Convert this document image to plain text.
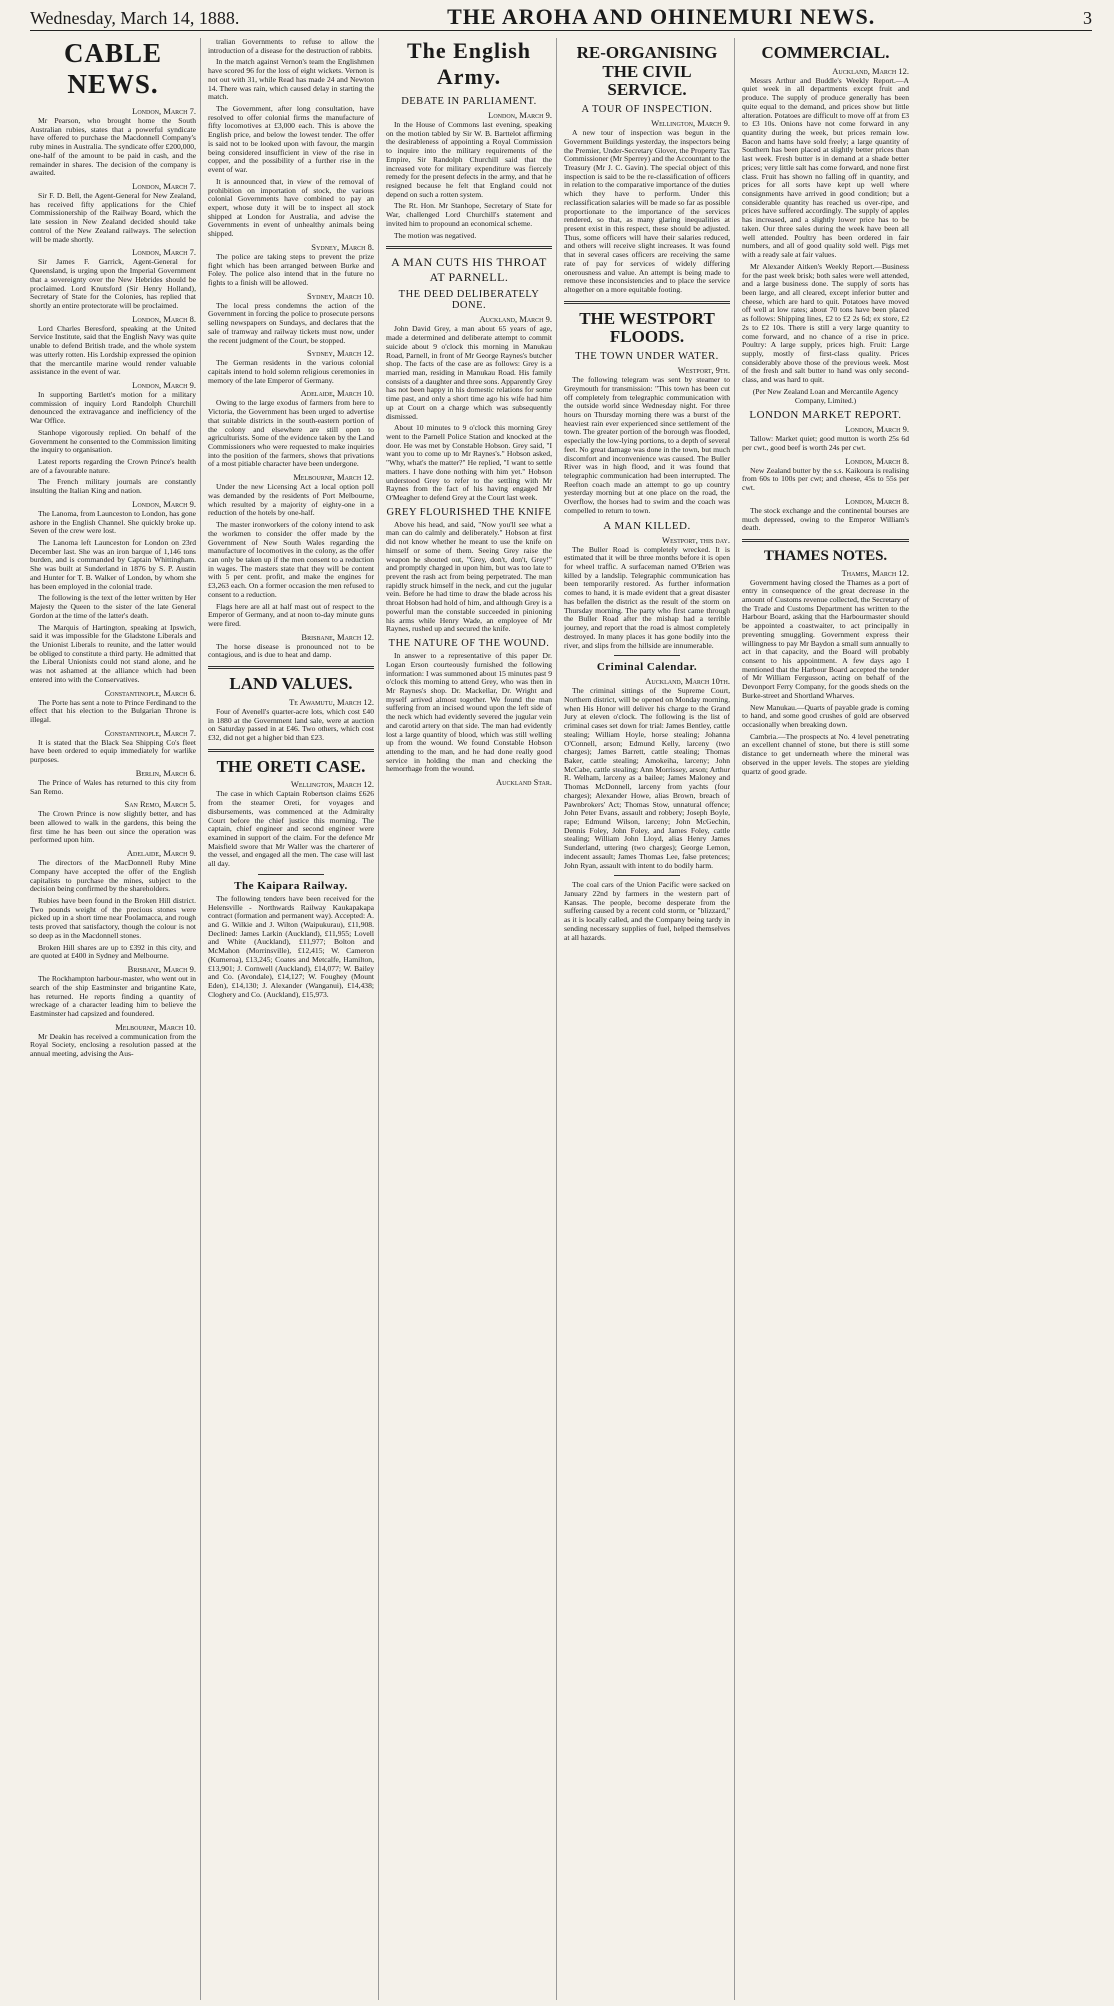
Wednesday, March 14, 1888.	THE AROHA AND OHINEMURI NEWS.	3
CABLE NEWS.
London, March 7.

Mr Pearson, who brought home the South Australian rubies, states that a powerful syndicate have offered to purchase the Macdonnell Company's ruby mines in Australia. The syndicate offer £200,000, one-half of the amount to be paid in cash, and the remainder in shares. The decision of the company is awaited.

London, March 7.

Sir F. D. Bell, the Agent-General for New Zealand, has received fifty applications for the Chief Commissionership of the Railway Board, which the late session in New Zealand decided should take control of the New Zealand railways. The selection will be made shortly.

London, March 7.

Sir James F. Garrick, Agent-General for Queensland, is urging upon the Imperial Government that a sovereignty over the New Hebrides should be proclaimed. Lord Knutsford (Sir Henry Holland), Secretary of State for the Colonies, has replied that shortly an entire protectorate will be proclaimed.

London, March 8.

Lord Charles Beresford, speaking at the United Service Institute, said that the English Navy was quite unable to defend British trade, and the whole system was utterly rotten. His Lordship expressed the opinion that the mercantile marine would render valuable assistance in the event of war.

London, March 9.

In supporting Bartlett's motion for a military commission of inquiry Lord Randolph Churchill denounced the extravagance and inefficiency of the War Office.

Stanhope vigorously replied. On behalf of the Government he consented to the Commission limiting the inquiry to organisation.

Latest reports regarding the Crown Prince's health are of a favourable nature.

The French military journals are constantly insulting the Italian King and nation.

London, March 9.

The Lanoma, from Launceston to London, has gone ashore in the English Channel. She quickly broke up. Seven of the crew were lost.

The Lanoma left Launceston for London on 23rd December last. She was an iron barque of 1,146 tons burden, and is commanded by Captain Whittingham. She was built at Sunderland in 1876 by S. P. Austin and Hunter for T. B. Walker of London, by whom she has been employed in the colonial trade.

The following is the text of the letter written by Her Majesty the Queen to the sister of the late General Gordon at the time of the latter's death.

The Marquis of Hartington, speaking at Ipswich, said it was impossible for the Gladstone Liberals and the Unionist Liberals to reunite, and the latter would be obliged to constitute a third party. He admitted that the Liberal Unionists could not stand alone, and he was not ashamed at the alliance which had been entered into with the Conservatives.

Constantinople, March 6.

The Porte has sent a note to Prince Ferdinand to the effect that his election to the Bulgarian Throne is illegal.

Constantinople, March 7.

It is stated that the Black Sea Shipping Co's fleet have been ordered to equip immediately for warlike purposes.

Berlin, March 6.

The Prince of Wales has returned to this city from San Remo.

San Remo, March 5.

The Crown Prince is now slightly better, and has been allowed to walk in the gardens, this being the first time he has been out since the operation was performed upon him.

Adelaide, March 9.

The directors of the MacDonnell Ruby Mine Company have accepted the offer of the English capitalists to purchase the mines, subject to the decision being confirmed by the shareholders.

Rubies have been found in the Broken Hill district. Two pounds weight of the precious stones were picked up in a short time near Poolamacca, and rough tests proved that satisfactory, though the colour is not so deep as in the Macdonnell stones.

Broken Hill shares are up to £392 in this city, and are quoted at £400 in Sydney and Melbourne.

Brisbane, March 9.

The Rockhampton harbour-master, who went out in search of the ship Eastminster and brigantine Kate, has returned. He reports finding a quantity of wreckage of a character leading him to believe the Eastminster had capsized and foundered.

Melbourne, March 10.

Mr Deakin has received a communication from the Royal Society, enclosing a resolution passed at the annual meeting, advising the Aus-

tralian Governments to refuse to allow the introduction of a disease for the destruction of rabbits.

In the match against Vernon's team the Englishmen have scored 96 for the loss of eight wickets. Vernon is not out with 31, while Read has made 24 and Newton 14. There was rain, which caused delay in starting the match.

The Government, after long consultation, have resolved to offer colonial firms the manufacture of fifty locomotives at £3,000 each. This is above the English price, and below the lowest tender. The offer is said not to be looked upon with favour, the margin being considered insufficient in view of the rise in copper, and the possibility of a further rise in the event of war.

It is announced that, in view of the removal of prohibition on importation of stock, the various colonial Governments have combined to pay an expert, whose duty it will be to inspect all stock shipped at London for Australia, and advise the Governments in event of unhealthy animals being shipped.

Sydney, March 8.

The police are taking steps to prevent the prize fight which has been arranged between Burke and Foley. The police also intend that in the future no fights to a finish will be allowed.

Sydney, March 10.

The local press condemns the action of the Government in forcing the police to prosecute persons selling newspapers on Sundays, and declares that the sale of tramway and railway tickets must now, under the recent judgment of the Court, be stopped.

Sydney, March 12.

The German residents in the various colonial capitals intend to hold solemn religious ceremonies in memory of the late Emperor of Germany.

Adelaide, March 10.

Owing to the large exodus of farmers from here to Victoria, the Government has been urged to advertise that suitable districts in the south-eastern portion of the colony and elsewhere are still open to agriculturists. Some of the evidence taken by the Land Commissioners who were requested to make inquiries into the position of the farmers, shows that privations of a most pitiable character have been undergone.

Melbourne, March 12.

Under the new Licensing Act a local option poll was demanded by the residents of Port Melbourne, which resulted by a majority of eighty-one in a reduction of the hotels by one-half.

The master ironworkers of the colony intend to ask the workmen to consider the offer made by the Government of New South Wales regarding the manufacture of locomotives in the colony, as the offer can only be taken up if the men consent to a reduction in wages. The masters state that they will be content with 5 per cent. profit, and make the engines for £3,263 each. On a former occasion the men refused to consent to a reduction.

Flags here are all at half mast out of respect to the Emperor of Germany, and at noon to-day minute guns were fired.

Brisbane, March 12.

The horse disease is pronounced not to be contagious, and is due to heat and damp.

LAND VALUES.
Te Awamutu, March 12.

Four of Avenell's quarter-acre lots, which cost £40 in 1880 at the Government land sale, were at auction on Saturday passed in at £46. Two others, which cost £32, did not get a higher bid than £23.

THE ORETI CASE.
Wellington, March 12.

The case in which Captain Robertson claims £626 from the steamer Oreti, for voyages and disbursements, was commenced at the Admiralty Court before the chief justice this morning. The captain, chief engineer and second engineer were examined in support of the claim. For the defence Mr Maisfield swore that Mr Waller was the charterer of the vessel, and engaged all the men. The case will last all day.

The Kaipara Railway.

The following tenders have been received for the Helensville - Northwards Railway Kaukapakapa contract (formation and permanent way). Accepted: A. and G. Wilkie and J. Wilton (Waipukurau), £11,908. Declined: James Larkin (Auckland), £11,955; Lovell and White (Auckland), £11,977; Bolton and McMahon (Morrinsville), £12,415; W. Cameron (Kumeroa), £13,245; Coates and Metcalfe, Hamilton, £13,901; J. Cornwell (Auckland), £14,077; W. Bailey and Co. (Avondale), £14,127; W. Foughey (Mount Eden), £14,130; J. Alexander (Wanganui), £14,438; Cloghery and Co. (Auckland), £15,973.

The English Army.
DEBATE IN PARLIAMENT.
London, March 9.

In the House of Commons last evening, speaking on the motion tabled by Sir W. B. Barttelot affirming the desirableness of appointing a Royal Commission to inquire into the military requirements of the Empire, Sir Randolph Churchill said that the increased vote for military expenditure was fiercely remedy for the present defects in the army, and that he resigned because he felt that England could not depend on such a rotten system.

The Rt. Hon. Mr Stanhope, Secretary of State for War, challenged Lord Churchill's statement and invited him to propound an economical scheme.

The motion was negatived.

A MAN CUTS HIS THROAT AT PARNELL.
THE DEED DELIBERATELY DONE.
Auckland, March 9.

John David Grey, a man about 65 years of age, made a determined and deliberate attempt to commit suicide about 9 o'clock this morning in Manukau Road, Parnell, in front of Mr George Raynes's butcher shop. The facts of the case are as follows: Grey is a married man, residing in Manukau Road. His family consists of a daughter and three sons. Apparently Grey has not been happy in his domestic relations for some time past, and only a short time ago his wife had him up at Court on a charge which was subsequently dismissed.

About 10 minutes to 9 o'clock this morning Grey went to the Parnell Police Station and knocked at the door. He was met by Constable Hobson. Grey said, "I want you to come up to Mr Raynes's." Hobson asked, "Why, what's the matter?" He replied, "I want to settle matters. I have done nothing with him yet." Hobson understood Grey to refer to the settling with Mr Raynes from the fact of his having engaged Mr O'Meagher to defend Grey at the Court last week.

GREY FLOURISHED THE KNIFE

Above his head, and said, "Now you'll see what a man can do calmly and deliberately." Hobson at first did not know whether he meant to use the knife on himself or some of them. Seeing Grey raise the weapon he shouted out, "Grey, don't, don't, Grey!" and promptly charged in upon him, but was too late to prevent the rash act from being perpetrated. The man rapidly struck himself in the neck, and cut the jugular vein. Before he had time to draw the blade across his throat Hobson had hold of him, and although Grey is a powerful man the constable succeeded in pinioning his arms while Henry Wade, an employee of Mr Raynes, rushed up and secured the knife.

THE NATURE OF THE WOUND.

In answer to a representative of this paper Dr. Logan Erson courteously furnished the following information: I was summoned about 15 minutes past 9 o'clock this morning to attend Grey, who was then in Mr Raynes's shop. Dr. Mackellar, Dr. Wright and myself arrived almost together. We found the man suffering from an incised wound upon the left side of the neck which had evidently severed the jugular vein and carotid artery on that side. The man had evidently lost a large quantity of blood, which was still welling up from the wound. We found Constable Hobson attending to the man, and he had done really good service in holding the man and checking the hemorrhage from the wound.

Auckland Star.
RE-ORGANISING THE CIVIL SERVICE.
A TOUR OF INSPECTION.
Wellington, March 9.

A new tour of inspection was begun in the Government Buildings yesterday, the inspectors being the Premier, Under-Secretary Glover, the Property Tax Commissioner (Mr Sperrey) and the Accountant to the Treasury (Mr J. C. Gavin). The special object of this inspection is said to be the re-classification of officers in relation to the comparative importance of the duties which they have to perform. Under this reclassification salaries will be made so far as possible proportionate to the importance of the services rendered, so that, as many glaring inequalities at present exist in this respect, these should be adjusted. Thus, some officers will have their salaries reduced, and others will receive slight increases. It was found that in several cases officers are receiving the same rate of pay for services of widely differing onerousness and value. An attempt is being made to remove these inconsistencies and to place the service altogether on a more equitable footing.

THE WESTPORT FLOODS.
THE TOWN UNDER WATER.
Westport, 9th.

The following telegram was sent by steamer to Greymouth for transmission: "This town has been cut off completely from telegraphic communication with the outside world since Wednesday night. For three hours on Thursday morning there was a burst of the heaviest rain ever experienced since settlement of the town. The greater portion of the borough was flooded, especially the low-lying portions, to a depth of several feet. No great damage was done in the town, but much discomfort and inconvenience was caused. The Buller River was in high flood, and it was found that telegraphic communication had been interrupted. The Reefton coach made an attempt to go up country yesterday morning but at one place on the road, the Overflow, the horses had to swim and the coach was compelled to return to town.

A MAN KILLED.
Westport, this day.

The Buller Road is completely wrecked. It is estimated that it will be three months before it is open for wheel traffic. A surfaceman named O'Brien was killed by a landslip. Telegraphic communication has been temporarily restored. As further information comes to hand, it is made evident that a great disaster has befallen the district as the result of the storm on Thursday morning. The party who first came through the Buller Road after the mishap had a terrible journey, and report that the road is almost completely destroyed. In many places it has gone bodily into the river, and slips from the hillside are innumerable.

Criminal Calendar.
Auckland, March 10th.

The criminal sittings of the Supreme Court, Northern district, will be opened on Monday morning, when His Honor will deliver his charge to the Grand Jury at eleven o'clock. The following is the list of criminal cases set down for trial: James Bentley, cattle stealing; William Hoyle, horse stealing; Johanna O'Connell, arson; Edmund Kelly, larceny (two charges); James Barrett, cattle stealing; Thomas Baker, cattle stealing; Amokeiha, larceny; John McCabe, cattle stealing; Ann Morrissey, arson; Arthur R. Welham, larceny as a bailee; James Maloney and Thomas McDonnell, larceny from yachts (four charges); Alexander Howe, alias Brown, breach of Pawnbrokers' Act; Thomas Stow, unnatural offence; John Peter Evans, assault and robbery; Joseph Boyle, rape; Edmund Wilson, larceny; John McGechin, Dennis Foley, John Foley, and James Foley, cattle stealing; William John Lloyd, alias Henry James Sunderland, uttering (two charges); George Lemon, indecent assault; James Thomas Lee, false pretences; John Ryan, assault with intent to do bodily harm.

The coal cars of the Union Pacific were sacked on January 22nd by farmers in the western part of Kansas. The people, become desperate from the suffering caused by a recent cold storm, or "blizzard," as it is locally called, and the Company being tardy in sending necessary supplies of fuel, helped themselves at all hazards.

COMMERCIAL.
Auckland, March 12.

Messrs Arthur and Buddle's Weekly Report.—A quiet week in all departments except fruit and produce. The supply of produce generally has been quite equal to the demand, and prices show but little alteration. Potatoes are difficult to move off at from £3 to £3 10s. Onions have not come forward in any quantity during the week, but prices remain low. Bacon and hams have sold freely; a large quantity of Southern has been placed at slightly better prices than last week. Fresh butter is in demand at a shade better prices; very little salt has come forward, and none first class. Fruit has shown no falling off in quantity, and prices for all sorts have kept up well where consignments have arrived in good condition; but a considerable quantity has reached us over-ripe, and prices have suffered accordingly. The supply of apples has increased, and a slightly lower price has to be taken. Our three sales during the week have been all well attended. Poultry has been ordered in fair numbers, and all of good quality sold well. Pigs met with a ready sale at fair values.

Mr Alexander Aitken's Weekly Report.—Business for the past week brisk; both sales were well attended, and a large business done. The supply of sorts has been large, and all cleared, except inferior butter and cheese, which are hard to quit. Potatoes have moved off well at low rates; about 70 tons have been placed as follows: Shipping lines, £2 to £2 2s 6d; ex store, £2 2s to £2 10s. There is still a very large quantity to come forward, and no chance of a rise in price. Poultry: A large supply, prices high. Fruit: Large supply, mostly of first-class quality. Prices considerably above those of the previous week. Most of the fresh and salt butter to hand was only second-class, and was hard to quit.

(Per New Zealand Loan and Mercantile Agency Company, Limited.)

LONDON MARKET REPORT.
London, March 9.

Tallow: Market quiet; good mutton is worth 25s 6d per cwt., good beef is worth 24s per cwt.

London, March 8.

New Zealand butter by the s.s. Kaikoura is realising from 60s to 100s per cwt; and cheese, 45s to 55s per cwt.

London, March 8.

The stock exchange and the continental bourses are much depressed, owing to the Emperor William's death.

THAMES NOTES.
Thames, March 12.

Government having closed the Thames as a port of entry in consequence of the great decrease in the amount of Customs revenue collected, the Secretary of the Trade and Customs Department has written to the Harbour Board, asking that the Harbourmaster should be appointed a coastwaiter, to act principally in preventing smuggling. Government express their willingness to pay Mr Baydon a small sum annually to act in that capacity, and the Board will probably consent to his appointment. A few days ago I mentioned that the Harbour Board accepted the tender of Mr William Fergusson, acting on behalf of the Devonport Ferry Company, for the goods sheds on the Burke-street and Shortland Wharves.

New Manukau.—Quarts of payable grade is coming to hand, and some good crushes of gold are observed occasionally when breaking down.

Cambria.—The prospects at No. 4 level penetrating an excellent channel of stone, but there is still some distance to get underneath where the mineral was observed in the upper levels. The stopes are yielding quartz of good grade.
